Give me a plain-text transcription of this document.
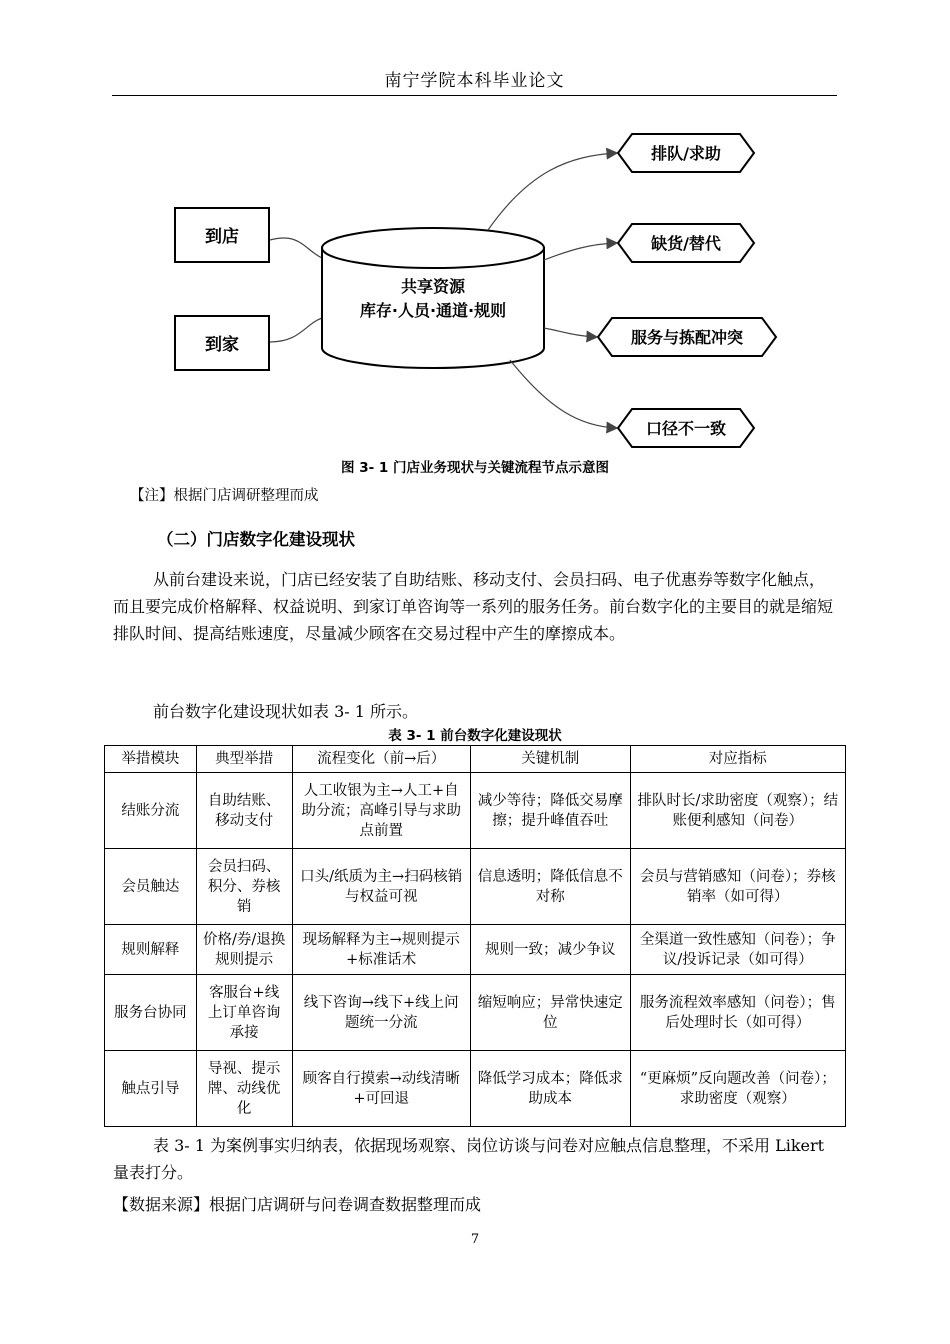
南宁学院本科毕业论文
到店
到家
共享资源
库存·人员·通道·规则
排队/求助
缺货/替代
服务与拣配冲突
口径不一致
图 3- 1 门店业务现状与关键流程节点示意图
【注】根据门店调研整理而成
（二）门店数字化建设现状
从前台建设来说，门店已经安装了自助结账、移动支付、会员扫码、电子优惠券等数字化触点，而且要完成价格解释、权益说明、到家订单咨询等一系列的服务任务。前台数字化的主要目的就是缩短排队时间、提高结账速度，尽量减少顾客在交易过程中产生的摩擦成本。
前台数字化建设现状如表 3- 1 所示。
表 3- 1 前台数字化建设现状
举措模块	典型举措	流程变化（前→后）	关键机制	对应指标
结账分流	自助结账、移动支付	人工收银为主→人工+自助分流；高峰引导与求助点前置	减少等待；降低交易摩擦；提升峰值吞吐	排队时长/求助密度（观察）；结账便利感知（问卷）
会员触达	会员扫码、积分、券核销	口头/纸质为主→扫码核销与权益可视	信息透明；降低信息不对称	会员与营销感知（问卷）；券核销率（如可得）
规则解释	价格/券/退换规则提示	现场解释为主→规则提示+标准话术	规则一致；减少争议	全渠道一致性感知（问卷）；争议/投诉记录（如可得）
服务台协同	客服台+线上订单咨询承接	线下咨询→线下+线上问题统一分流	缩短响应；异常快速定位	服务流程效率感知（问卷）；售后处理时长（如可得）
触点引导	导视、提示牌、动线优化	顾客自行摸索→动线清晰+可回退	降低学习成本；降低求助成本	“更麻烦”反向题改善（问卷）；求助密度（观察）
表 3- 1 为案例事实归纳表，依据现场观察、岗位访谈与问卷对应触点信息整理，不采用 Likert 量表打分。
【数据来源】根据门店调研与问卷调查数据整理而成
7
